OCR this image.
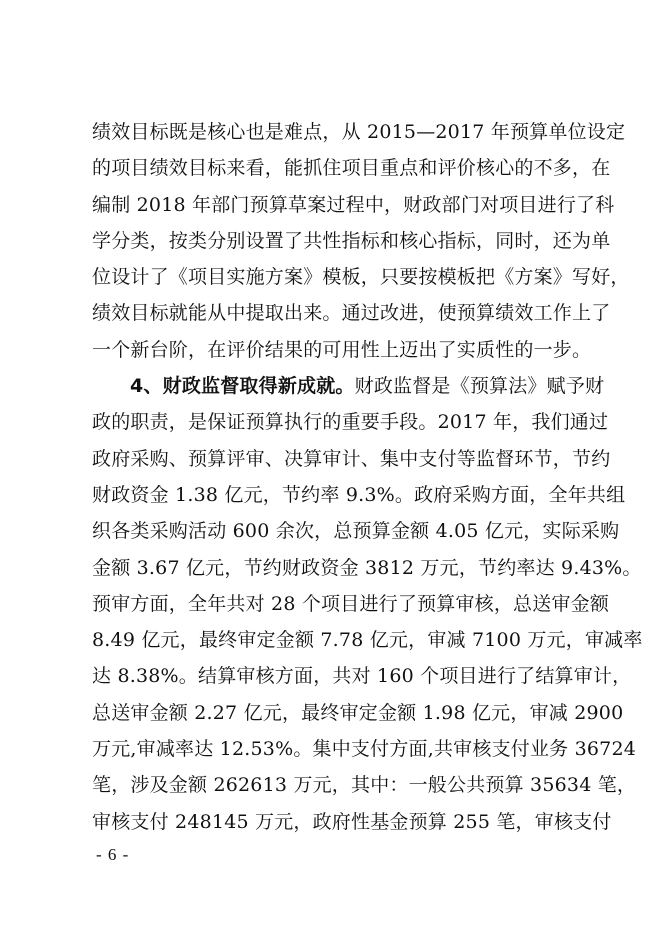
绩效目标既是核心也是难点，从 2015—2017 年预算单位设定
的项目绩效目标来看，能抓住项目重点和评价核心的不多，在
编制 2018 年部门预算草案过程中，财政部门对项目进行了科
学分类，按类分别设置了共性指标和核心指标，同时，还为单
位设计了《项目实施方案》模板，只要按模板把《方案》写好，
绩效目标就能从中提取出来。通过改进，使预算绩效工作上了
一个新台阶，在评价结果的可用性上迈出了实质性的一步。
4、财政监督取得新成就。财政监督是《预算法》赋予财
政的职责，是保证预算执行的重要手段。2017 年，我们通过
政府采购、预算评审、决算审计、集中支付等监督环节，节约
财政资金 1.38 亿元，节约率 9.3%。政府采购方面，全年共组
织各类采购活动 600 余次，总预算金额 4.05 亿元，实际采购
金额 3.67 亿元，节约财政资金 3812 万元，节约率达 9.43%。
预审方面，全年共对 28 个项目进行了预算审核，总送审金额
8.49 亿元，最终审定金额 7.78 亿元，审减 7100 万元，审减率
达 8.38%。结算审核方面，共对 160 个项目进行了结算审计，
总送审金额 2.27 亿元，最终审定金额 1.98 亿元，审减 2900
万元,审减率达 12.53%。集中支付方面,共审核支付业务 36724
笔，涉及金额 262613 万元，其中：一般公共预算 35634 笔，
审核支付 248145 万元，政府性基金预算 255 笔，审核支付
- 6 -
